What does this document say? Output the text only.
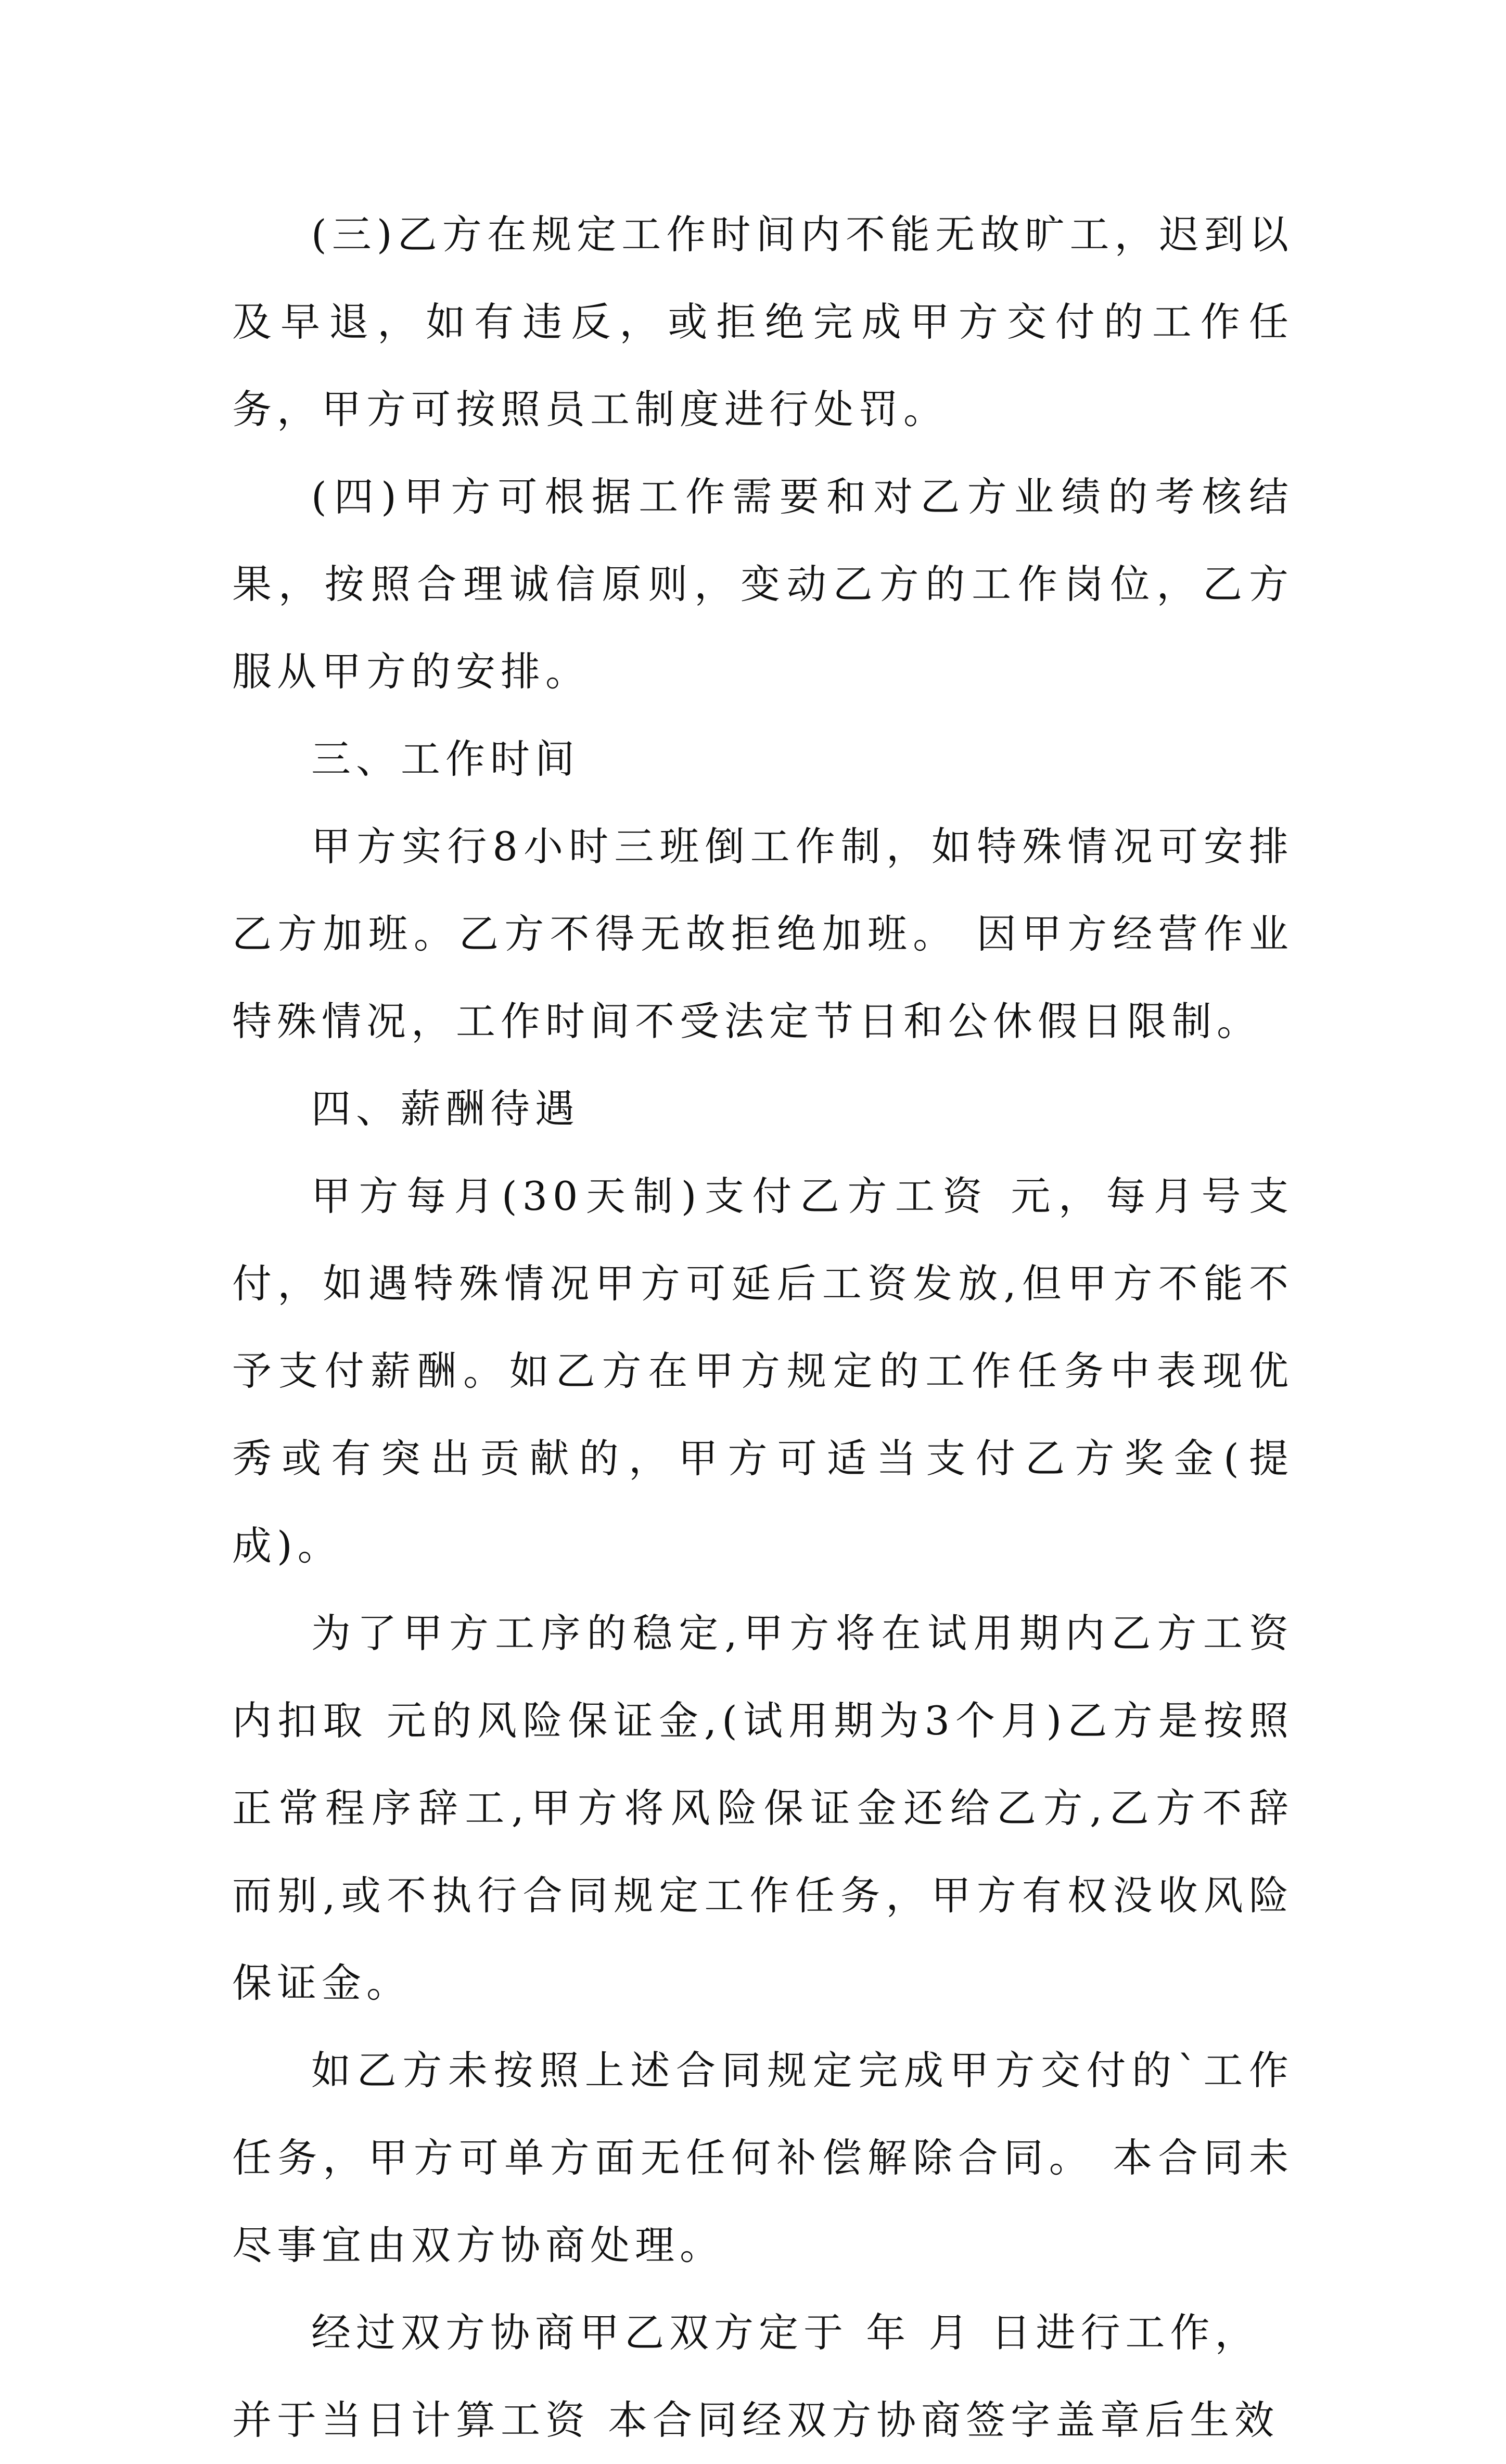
(三)乙方在规定工作时间内不能无故旷工，迟到以及早退，如有违反，或拒绝完成甲方交付的工作任务，甲方可按照员工制度进行处罚。

(四)甲方可根据工作需要和对乙方业绩的考核结果，按照合理诚信原则，变动乙方的工作岗位，乙方服从甲方的安排。

三、工作时间

甲方实行8小时三班倒工作制，如特殊情况可安排乙方加班。乙方不得无故拒绝加班。 因甲方经营作业特殊情况，工作时间不受法定节日和公休假日限制。

四、薪酬待遇

甲方每月(30天制)支付乙方工资 元，每月号支付，如遇特殊情况甲方可延后工资发放,但甲方不能不予支付薪酬。如乙方在甲方规定的工作任务中表现优秀或有突出贡献的，甲方可适当支付乙方奖金(提成)。

为了甲方工序的稳定,甲方将在试用期内乙方工资内扣取 元的风险保证金,(试用期为3个月)乙方是按照正常程序辞工,甲方将风险保证金还给乙方,乙方不辞而别,或不执行合同规定工作任务，甲方有权没收风险保证金。

如乙方未按照上述合同规定完成甲方交付的`工作任务，甲方可单方面无任何补偿解除合同。 本合同未尽事宜由双方协商处理。

经过双方协商甲乙双方定于 年 月 日进行工作，并于当日计算工资 本合同经双方协商签字盖章后生效
